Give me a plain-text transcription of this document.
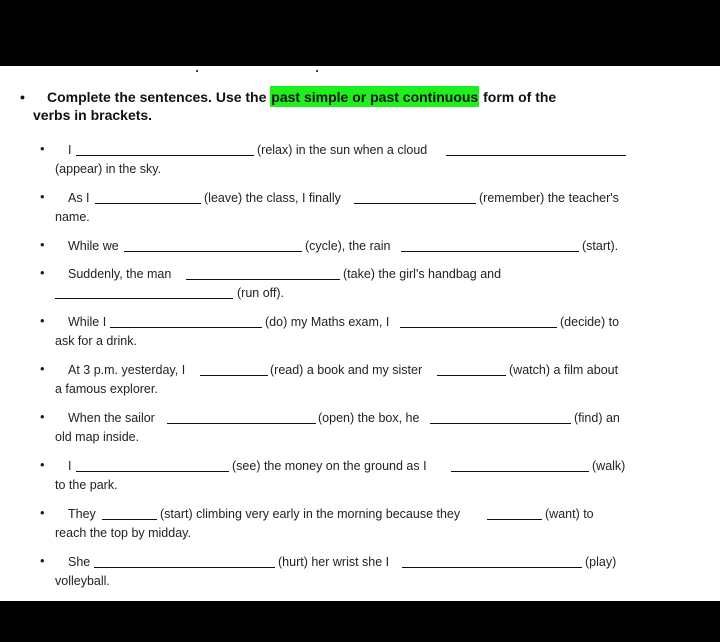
• Complete the sentences. Use the past simple or past continuous form of the
verbs in brackets.
• I	(relax) in the sun when a cloud
(appear) in the sky.
• As I	(leave) the class, I finally	(remember) the teacher's
name.
• While we	(cycle), the rain	(start).
• Suddenly, the man	(take) the girl's handbag and
(run off).
• While I	(do) my Maths exam, I	(decide) to
ask for a drink.
• At 3 p.m. yesterday, I	(read) a book and my sister	(watch) a film about
a famous explorer.
• When the sailor	(open) the box, he	(find) an
old map inside.
• I	(see) the money on the ground as I	(walk)
to the park.
• They	(start) climbing very early in the morning because they	(want) to
reach the top by midday.
• She	(hurt) her wrist she I	(play)
volleyball.
